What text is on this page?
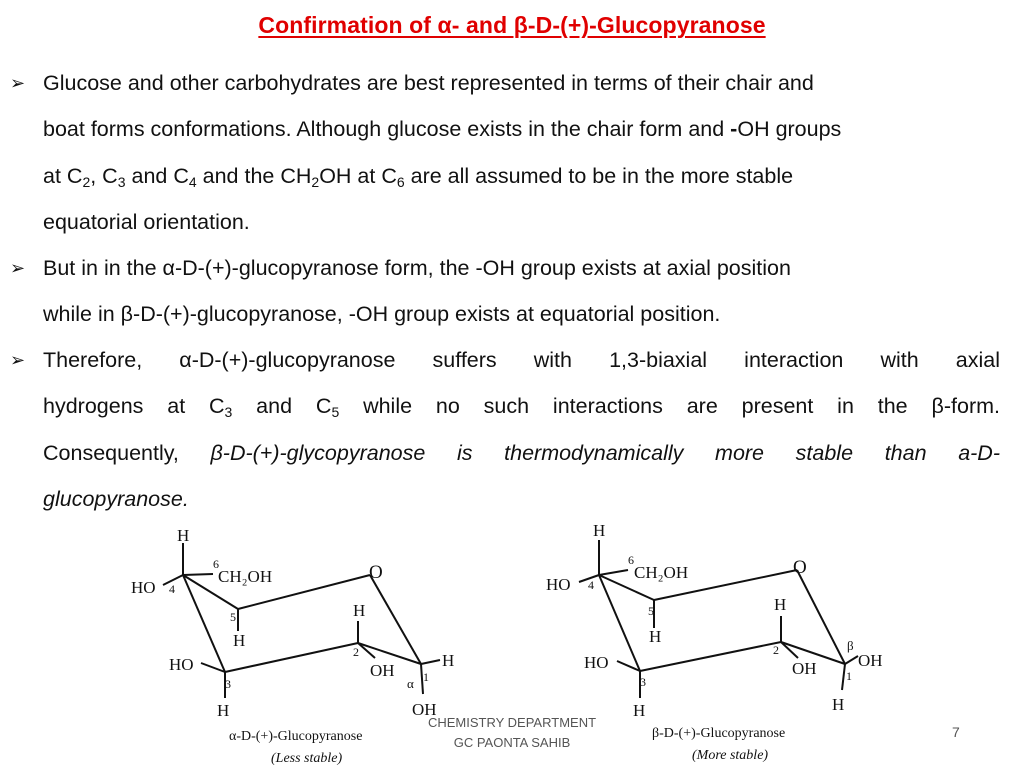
Confirmation of α- and β-D-(+)-Glucopyranose
➢ Glucose and other carbohydrates are best represented in terms of their chair and
boat forms conformations. Although glucose exists in the chair form and -OH groups
at $C_2$, $C_3$ and $C_4$ and the $CH_2OH$ at $C_6$ are all assumed to be in the more stable
equatorial orientation.
➢ But in in the α-D-(+)-glucopyranose form, the -OH group exists at axial position
while in β-D-(+)-glucopyranose, -OH group exists at equatorial position.
➢ Therefore, α-D-(+)-glucopyranose suffers with 1,3-biaxial interaction with axial
hydrogens at $C_3$ and $C_5$ while no such interactions are present in the β-form.
Consequently, β-D-(+)-glycopyranose is thermodynamically more stable than a-D-
glucopyranose.
H
HO 4
6
CH₂OH	O
5
H
H
HO
2
OH
H
α 1
OH
3
H
α-D-(+)-Glucopyranose
(Less stable)
H
HO 4
6
CH₂OH	O
5
H
H
HO
2
OH
β
OH
1
3
H	H
β-D-(+)-Glucopyranose
(More stable)
CHEMISTRY DEPARTMENT
GC PAONTA SAHIB
7
